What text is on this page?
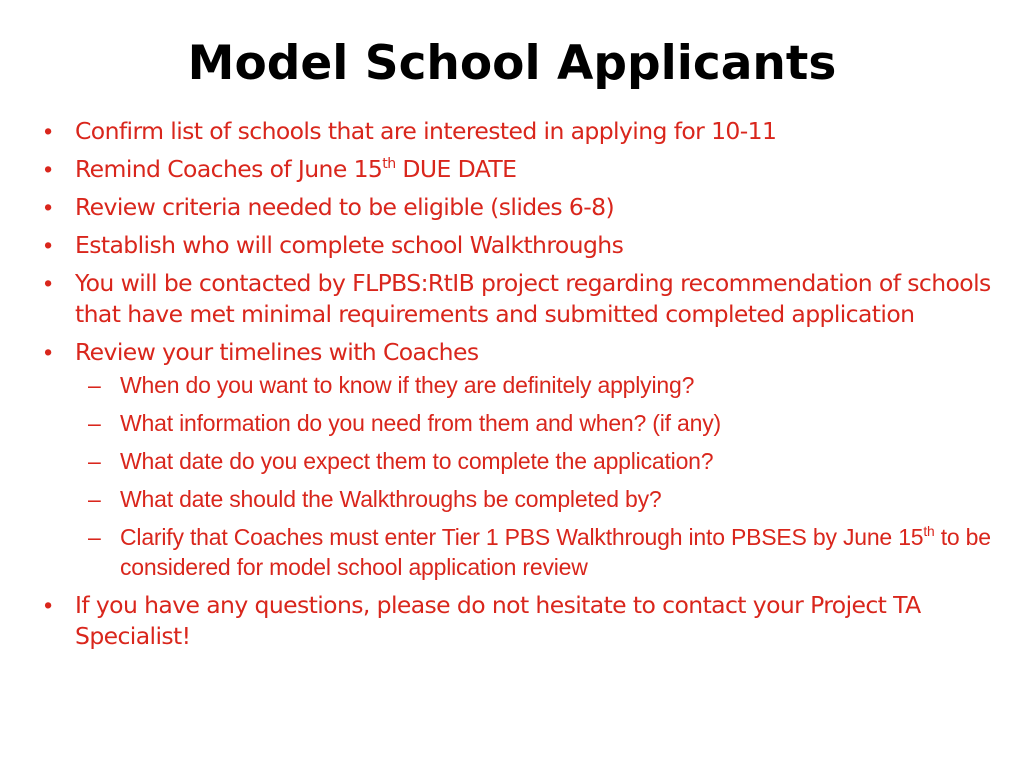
Model School Applicants
• Confirm list of schools that are interested in applying for 10-11
• Remind Coaches of June 15th DUE DATE
• Review criteria needed to be eligible (slides 6-8)
• Establish who will complete school Walkthroughs
• You will be contacted by FLPBS:RtIB project regarding recommendation of schools that have met minimal requirements and submitted completed application
• Review your timelines with Coaches
– When do you want to know if they are definitely applying?
– What information do you need from them and when? (if any)
– What date do you expect them to complete the application?
– What date should the Walkthroughs be completed by?
– Clarify that Coaches must enter Tier 1 PBS Walkthrough into PBSES by June 15th to be considered for model school application review
• If you have any questions, please do not hesitate to contact your Project TA Specialist!
